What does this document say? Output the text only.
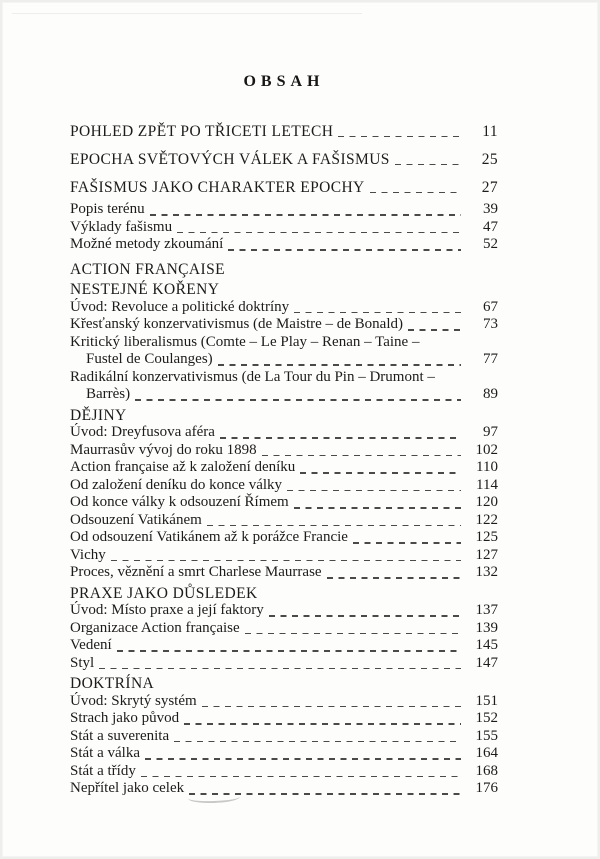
OBSAH
POHLED ZPĚT PO TŘICETI LETECH	11
EPOCHA SVĚTOVÝCH VÁLEK A FAŠISMUS	25
FAŠISMUS JAKO CHARAKTER EPOCHY	27
Popis terénu	39
Výklady fašismu	47
Možné metody zkoumání	52
ACTION FRANÇAISE
NESTEJNÉ KOŘENY
Úvod: Revoluce a politické doktríny	67
Křesťanský konzervativismus (de Maistre – de Bonald)	73
Kritický liberalismus (Comte – Le Play – Renan – Taine –
Fustel de Coulanges)	77
Radikální konzervativismus (de La Tour du Pin – Drumont –
Barrès)	89
DĚJINY
Úvod: Dreyfusova aféra	97
Maurrasův vývoj do roku 1898	102
Action française až k založení deníku	110
Od založení deníku do konce války	114
Od konce války k odsouzení Římem	120
Odsouzení Vatikánem	122
Od odsouzení Vatikánem až k porážce Francie	125
Vichy	127
Proces, věznění a smrt Charlese Maurrase	132
PRAXE JAKO DŮSLEDEK
Úvod: Místo praxe a její faktory	137
Organizace Action française	139
Vedení	145
Styl	147
DOKTRÍNA
Úvod: Skrytý systém	151
Strach jako původ	152
Stát a suverenita	155
Stát a válka	164
Stát a třídy	168
Nepřítel jako celek	176
